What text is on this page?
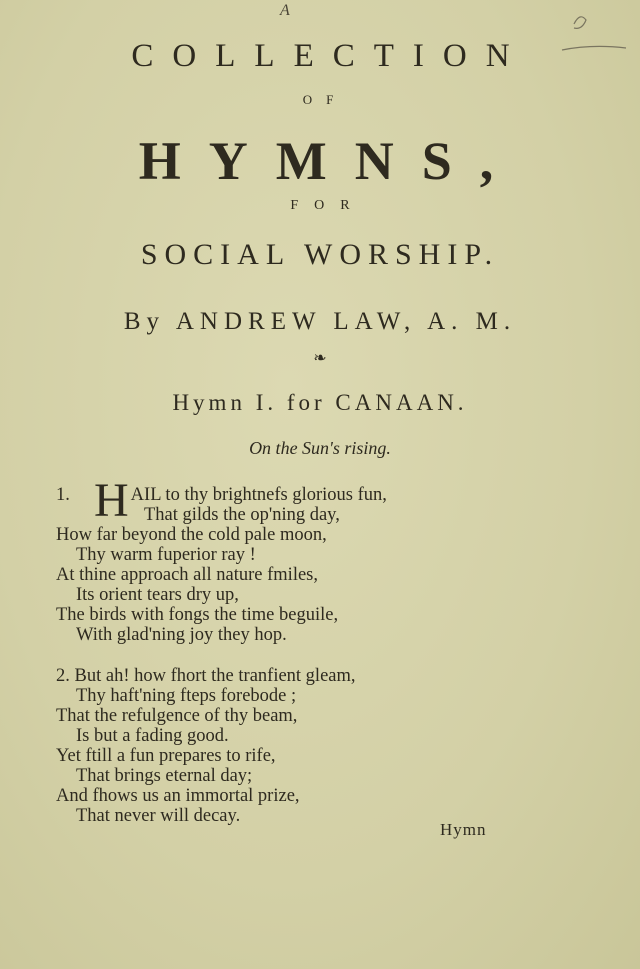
A
COLLECTION
OF
HYMNS,
FOR
SOCIAL WORSHIP.
By ANDREW LAW, A. M.
❧
Hymn I. for CANAAN.
On the Sun's rising.
1. H AIL to thy brightnefs glorious fun,
That gilds the op'ning day,
How far beyond the cold pale moon,
Thy warm fuperior ray !
At thine approach all nature fmiles,
Its orient tears dry up,
The birds with fongs the time beguile,
With glad'ning joy they hop.
2. But ah! how fhort the tranfient gleam,
Thy haft'ning fteps forebode ;
That the refulgence of thy beam,
Is but a fading good.
Yet ftill a fun prepares to rife,
That brings eternal day;
And fhows us an immortal prize,
That never will decay.
Hymn
